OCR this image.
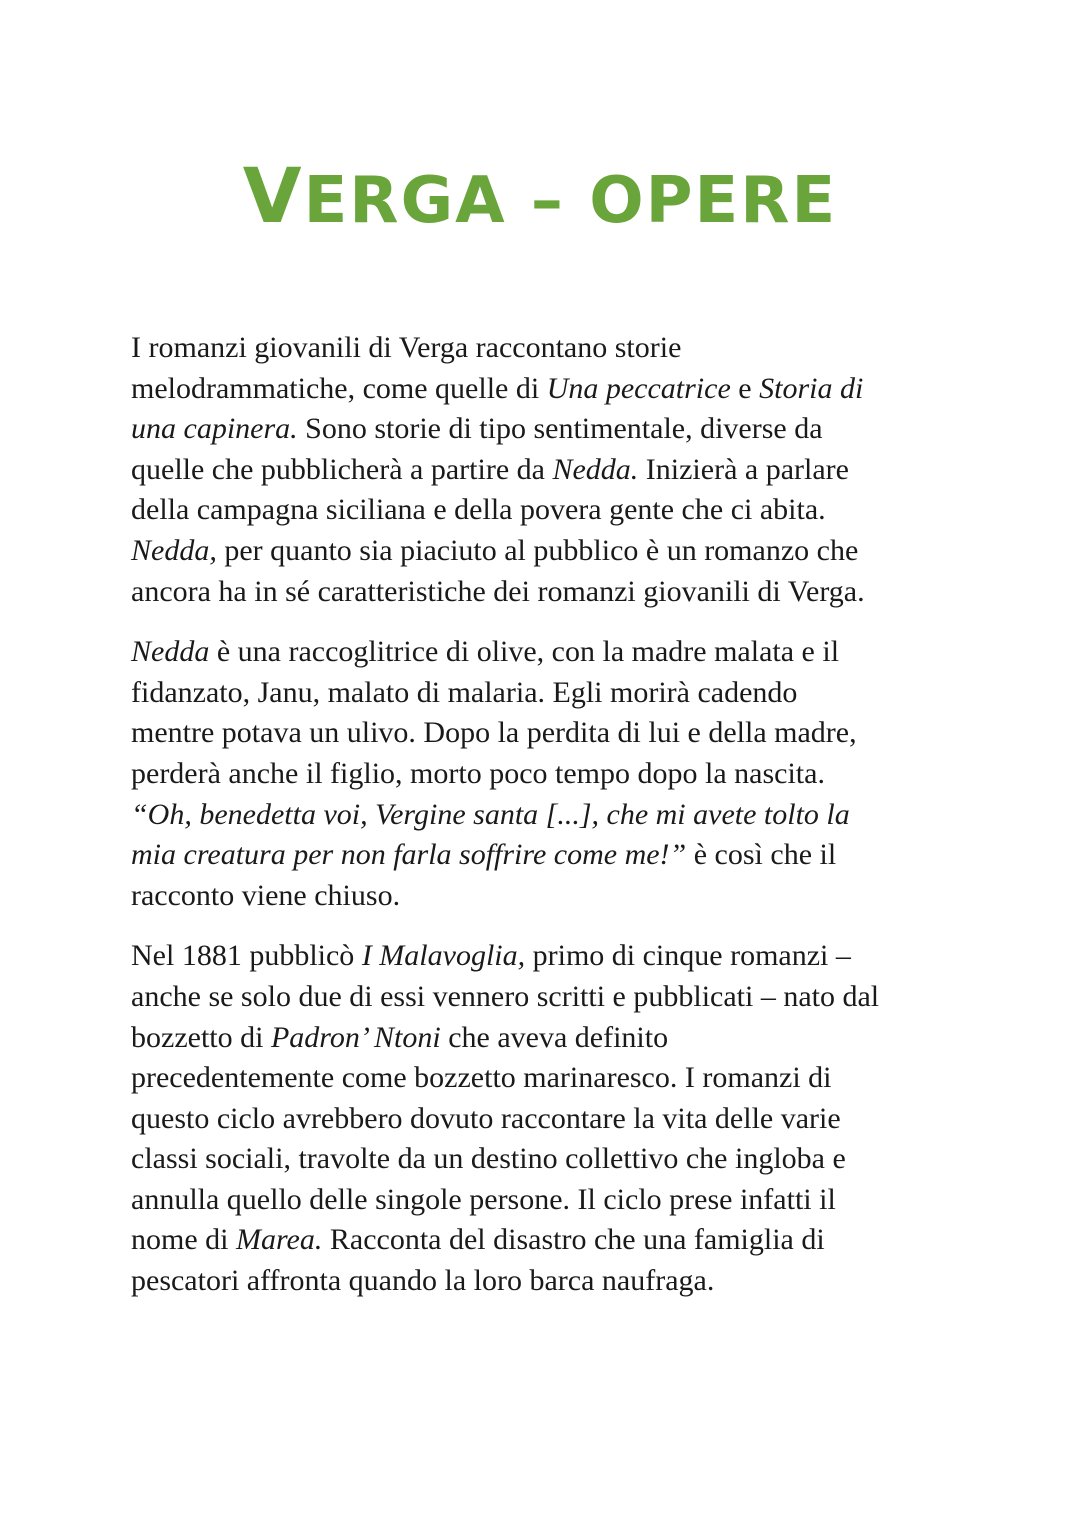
VERGA – OPERE

I romanzi giovanili di Verga raccontano storie
melodrammatiche, come quelle di Una peccatrice e Storia di
una capinera. Sono storie di tipo sentimentale, diverse da
quelle che pubblicherà a partire da Nedda. Inizierà a parlare
della campagna siciliana e della povera gente che ci abita.
Nedda, per quanto sia piaciuto al pubblico è un romanzo che
ancora ha in sé caratteristiche dei romanzi giovanili di Verga.

Nedda è una raccoglitrice di olive, con la madre malata e il
fidanzato, Janu, malato di malaria. Egli morirà cadendo
mentre potava un ulivo. Dopo la perdita di lui e della madre,
perderà anche il figlio, morto poco tempo dopo la nascita.
“Oh, benedetta voi, Vergine santa [...], che mi avete tolto la
mia creatura per non farla soffrire come me!” è così che il
racconto viene chiuso.

Nel 1881 pubblicò I Malavoglia, primo di cinque romanzi –
anche se solo due di essi vennero scritti e pubblicati – nato dal
bozzetto di Padron’ Ntoni che aveva definito
precedentemente come bozzetto marinaresco. I romanzi di
questo ciclo avrebbero dovuto raccontare la vita delle varie
classi sociali, travolte da un destino collettivo che ingloba e
annulla quello delle singole persone. Il ciclo prese infatti il
nome di Marea. Racconta del disastro che una famiglia di
pescatori affronta quando la loro barca naufraga.
